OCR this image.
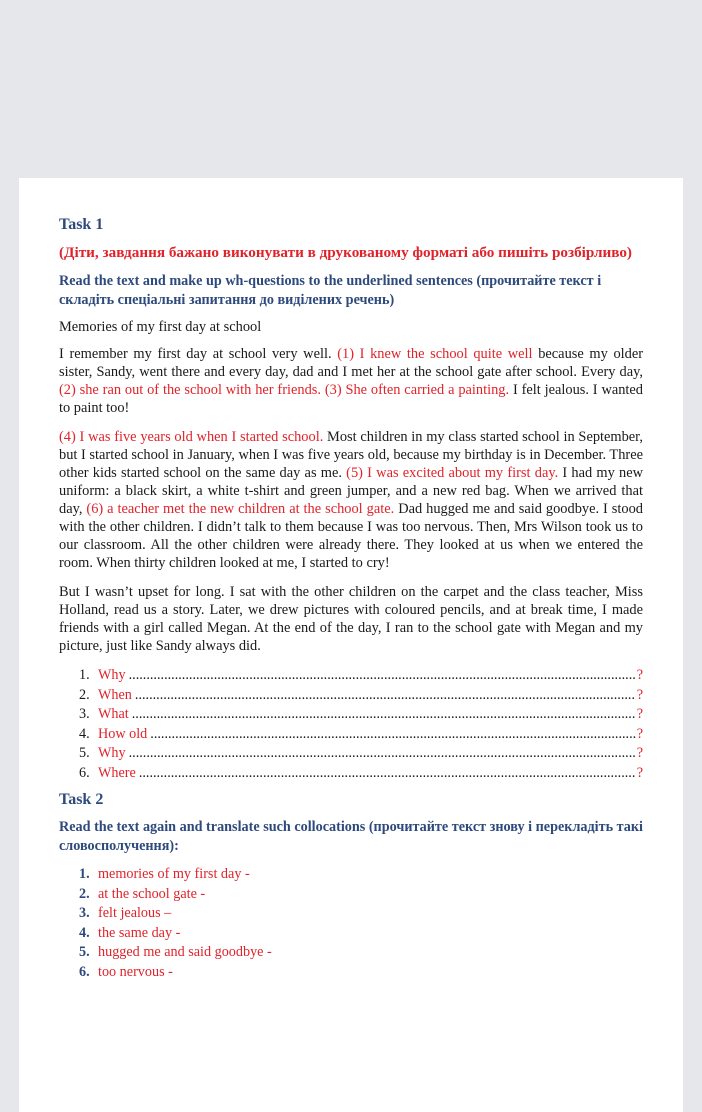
Task 1
(Діти, завдання бажано виконувати в друкованому форматі або пишіть розбірливо)
Read the text and make up wh-questions to the underlined sentences (прочитайте текст і складіть спеціальні запитання до виділених речень)
Memories of my first day at school
I remember my first day at school very well. (1) I knew the school quite well because my older sister, Sandy, went there and every day, dad and I met her at the school gate after school. Every day, (2) she ran out of the school with her friends. (3) She often carried a painting. I felt jealous. I wanted to paint too!
(4) I was five years old when I started school. Most children in my class started school in September, but I started school in January, when I was five years old, because my birthday is in December. Three other kids started school on the same day as me. (5) I was excited about my first day. I had my new uniform: a black skirt, a white t-shirt and green jumper, and a new red bag. When we arrived that day, (6) a teacher met the new children at the school gate. Dad hugged me and said goodbye. I stood with the other children. I didn’t talk to them because I was too nervous. Then, Mrs Wilson took us to our classroom. All the other children were already there. They looked at us when we entered the room. When thirty children looked at me, I started to cry!
But I wasn’t upset for long. I sat with the other children on the carpet and the class teacher, Miss Holland, read us a story. Later, we drew pictures with coloured pencils, and at break time, I made friends with a girl called Megan. At the end of the day, I ran to the school gate with Megan and my picture, just like Sandy always did.
1. Why .....	?
2. When .....	?
3. What .....	?
4. How old .....	?
5. Why .....	?
6. Where .....	?
Task 2
Read the text again and translate such collocations (прочитайте текст знову і перекладіть такі словосполучення):
1. memories of my first day -
2. at the school gate -
3. felt jealous –
4. the same day -
5. hugged me and said goodbye -
6. too nervous -
